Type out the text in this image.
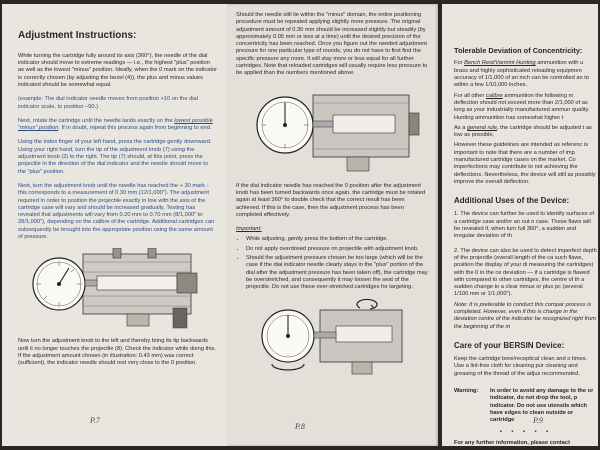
Adjustment Instructions:

While turning the cartridge fully around its axis (360°), the needle of the dial indicator should move to extreme readings — i.e., the highest "plus" position as well as the lowest "minus" position. Ideally, when the 0 mark on the indicator is correctly chosen (by adjusting the bezel (4)), the plus and minus values indicated should be somewhat equal.

(example: The dial indicator needle moves from position +10 on the dial indicator scale, to position –90.)

Next, rotate the cartridge until the needle lands exactly on the lowest possible "minus" position. If in doubt, repeat this process again from beginning to end.

Using the index finger of your left hand, press the cartridge gently downward. Using your right hand, turn the tip of the adjustment knob (7) using the adjustment knob (2) to the right. The tip (7) should, at this point, press the projectile in the direction of the dial indicator and the needle should move to the "plus" position.

Next, turn the adjustment knob until the needle has reached the + 30 mark - this corresponds to a measurement of 0.30 mm (12/1,000"). The adjustment required in order to position the projectile exactly in line with the axis of the cartridge case will vary and should be increased gradually. Testing has revealed that adjustments will vary from 0.20 mm to 0.70 mm (8/1,000" to 28/1,000"), depending on the calibre of the cartridge. Additional cartridges can subsequently be brought into the appropriate position using the same amount of pressure.

Now turn the adjustment knob to the left and thereby bring its tip backwards until it no longer touches the projectile (8). Check the indicator while doing this. If the adjustment amount chosen (in illustration: 0.43 mm) was correct (sufficient), the indicator needle should rest very close to the 0 position.

P.7

Should the needle still lie within the "minus" domain, the entire positioning procedure must be repeated applying slightly more pressure. The original adjustment amount of 0.30 mm should be increased slightly but steadily (by approximately 0.05 mm or less at a time) until the desired precision of the concentricity has been reached. Once you figure out the needed adjustment pressure for one particular type of rounds, you do not have to first find the specific pressure any more. It will stay more or less equal for all further cartridges. Note that reloaded cartridges will usually require less pressure to be applied than the numbers mentioned above.

If the dial indicator needle has reached the 0 position after the adjustment knob has been turned backwards once again, the cartridge must be rotated again at least 360° to double check that the correct result has been achieved. If this is the case, then the adjustment process has been completed effectively.

Important:

• While adjusting, gently press the bottom of the cartridge.
• Do not apply overdosed pressure on projectile with adjustment knob.
• Should the adjustment pressure chosen be too large (which will be the case if the dial indicator needle clearly stays in the "plus" portion of the dial after the adjustment pressure has been taken off), the cartridge may be overstretched, and consequently it may loosen the seat of the projectile. Do not use these over-stretched cartridges for targeting.
P.8
Tolerable Deviation of Concentricity:

For Bench Rest/Varmint Hunting ammunition with u brass and highly sophisticated reloading equipmen accuracy of 1/1,000 of an inch can be controlled an to within a few 1/10,000 inches.

For all other calibre ammunition the following m deflection should not exceed more than 2/1,000 of as long as your industrially manufactured ammun quality. Hunting ammunition has somewhat higher t

As a general rule, the cartridge should be adjusted t as low as possible.

However these guidelines are intended as referenc is important to note that there are a number of imp manufactured cartridge cases on the market. Co imperfections may contribute to not achieving the deflections. Nevertheless, the device will still as possibly improve the overall deflection.

Additional Uses of the Device:

1. The device can further be used to identify surfaces of a cartridge case and/or an out o case. These flaws will be revealed if, when turn full 360°, a sudden and irregular deviation of th

2. The device can also be used to detect imperfect depth of the projectile (overall length of the ca such flaws, position the display of your di measuring the cartridges) with the 0 in the ce deviation — if a cartridge is flawed with compared to other cartridges, the centre of th a sudden change to a clear minus or plus pc (several 1/100 mm or 1/1,000").

Note: It is preferable to conduct this compar process is completed. However, even if this is change in the deviation centre of the indicator be recognized right from the beginning of the m

Care of your BERSIN Device:

Keep the cartridge bore/receptical clean and o times. Use a lint-free cloth for cleaning pur cleaning and greasing of the thread of the adjus recommended.

Warning:	In order to avoid any damage to the or indicator, do not drop the tool, p indicator. Do not use utensils which have edges to clean outside or cartridge
• • • • •

For any further information, please contact

P.9
